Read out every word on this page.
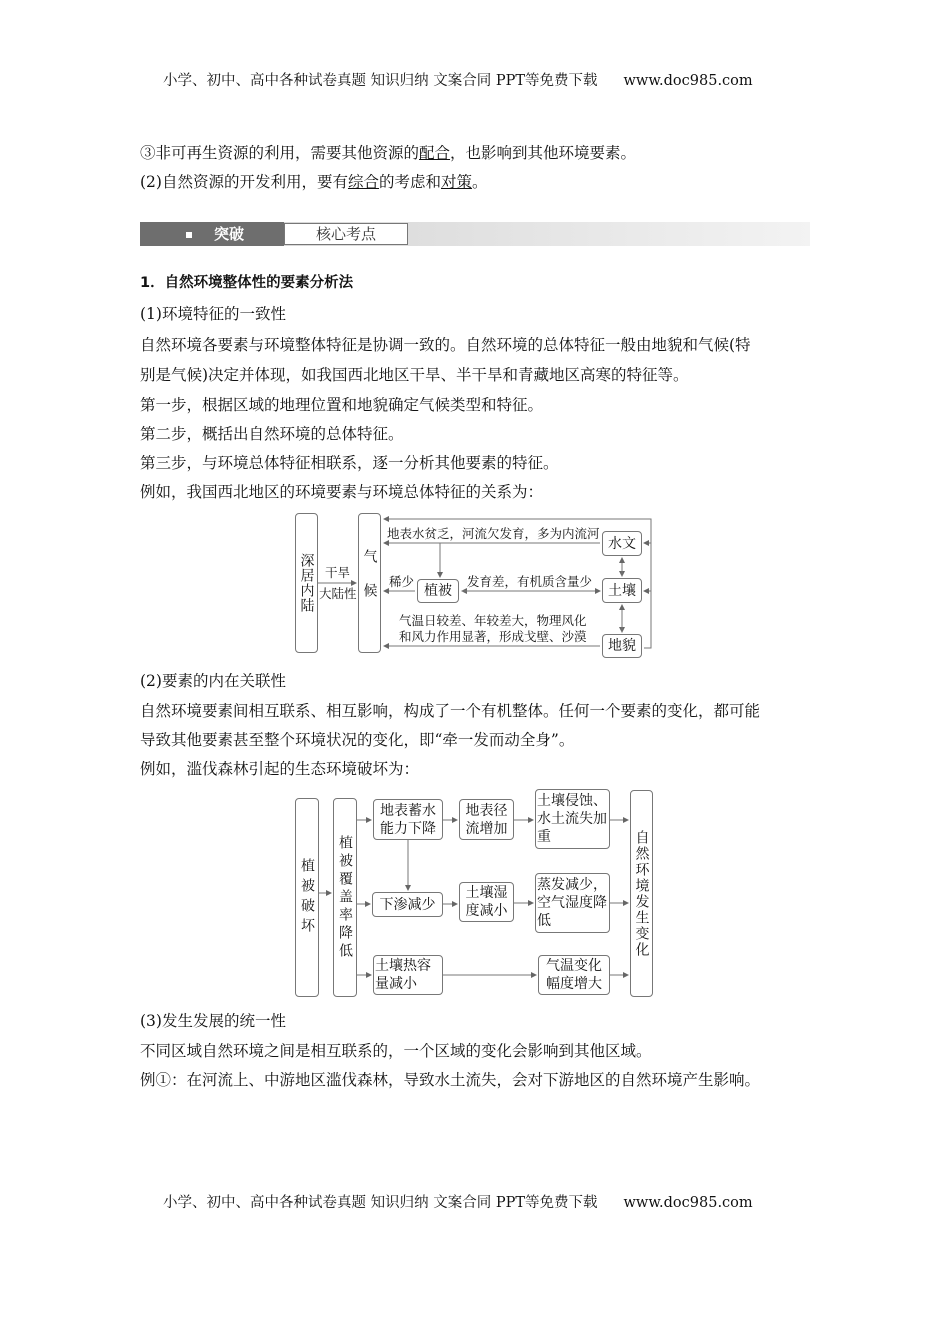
小学、初中、高中各种试卷真题 知识归纳 文案合同 PPT等免费下载 www.doc985.com
③非可再生资源的利用，需要其他资源的配合，也影响到其他环境要素。
(2)自然资源的开发利用，要有综合的考虑和对策。
突破	核心考点
1．自然环境整体性的要素分析法
(1)环境特征的一致性
自然环境各要素与环境整体特征是协调一致的。自然环境的总体特征一般由地貌和气候(特
别是气候)决定并体现，如我国西北地区干旱、半干旱和青藏地区高寒的特征等。
第一步，根据区域的地理位置和地貌确定气候类型和特征。
第二步，概括出自然环境的总体特征。
第三步，与环境总体特征相联系，逐一分析其他要素的特征。
例如，我国西北地区的环境要素与环境总体特征的关系为：
深居内陆	气候
水文
植被	土壤
地貌
干旱
大陆性
地表水贫乏，河流欠发育，多为内流河
稀少	发育差，有机质含量少
气温日较差、年较差大，物理风化
和风力作用显著，形成戈壁、沙漠
(2)要素的内在关联性
自然环境要素间相互联系、相互影响，构成了一个有机整体。任何一个要素的变化，都可能
导致其他要素甚至整个环境状况的变化，即“牵一发而动全身”。
例如，滥伐森林引起的生态环境破坏为：
植被破坏 植被覆盖率降低
地表蓄水能力下降
地表径流增加
土壤侵蚀、水土流失加重
下渗减少
土壤湿度减小
蒸发减少，空气湿度降低
土壤热容量减小
气温变化幅度增大
自然环境发生变化
(3)发生发展的统一性
不同区域自然环境之间是相互联系的，一个区域的变化会影响到其他区域。
例①：在河流上、中游地区滥伐森林，导致水土流失，会对下游地区的自然环境产生影响。
小学、初中、高中各种试卷真题 知识归纳 文案合同 PPT等免费下载 www.doc985.com
